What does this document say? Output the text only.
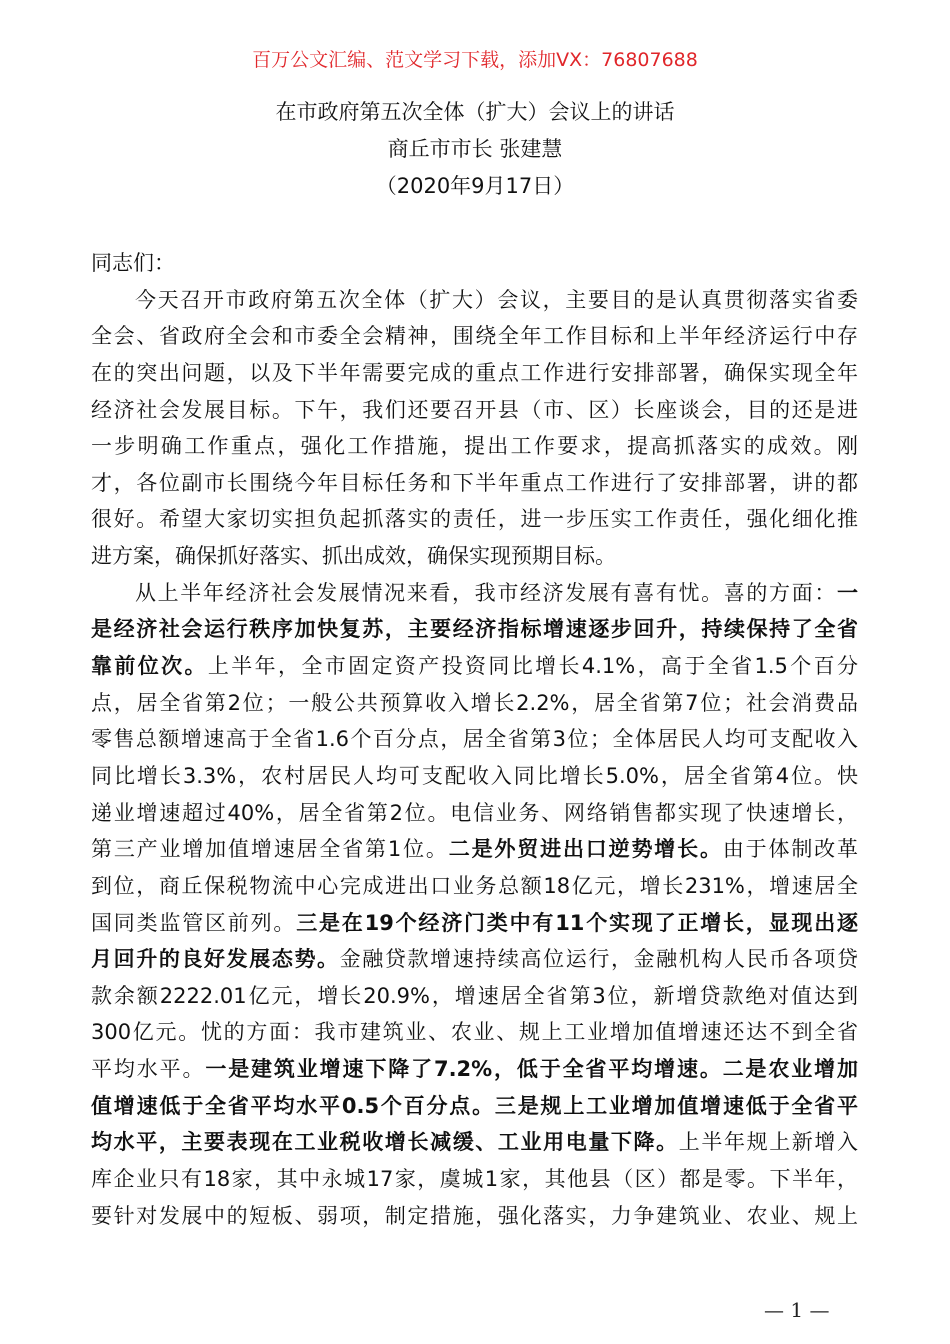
百万公文汇编、范文学习下载，添加VX：76807688
在市政府第五次全体（扩大）会议上的讲话
商丘市市长 张建慧
（2020年9月17日）
同志们：
今天召开市政府第五次全体（扩大）会议，主要目的是认真贯彻落实省委
全会、省政府全会和市委全会精神，围绕全年工作目标和上半年经济运行中存
在的突出问题，以及下半年需要完成的重点工作进行安排部署，确保实现全年
经济社会发展目标。下午，我们还要召开县（市、区）长座谈会，目的还是进
一步明确工作重点，强化工作措施，提出工作要求，提高抓落实的成效。刚
才，各位副市长围绕今年目标任务和下半年重点工作进行了安排部署，讲的都
很好。希望大家切实担负起抓落实的责任，进一步压实工作责任，强化细化推
进方案，确保抓好落实、抓出成效，确保实现预期目标。
从上半年经济社会发展情况来看，我市经济发展有喜有忧。喜的方面：一
是经济社会运行秩序加快复苏，主要经济指标增速逐步回升，持续保持了全省
靠前位次。上半年，全市固定资产投资同比增长4.1%，高于全省1.5个百分
点，居全省第2位；一般公共预算收入增长2.2%，居全省第7位；社会消费品
零售总额增速高于全省1.6个百分点，居全省第3位；全体居民人均可支配收入
同比增长3.3%，农村居民人均可支配收入同比增长5.0%，居全省第4位。快
递业增速超过40%，居全省第2位。电信业务、网络销售都实现了快速增长，
第三产业增加值增速居全省第1位。二是外贸进出口逆势增长。由于体制改革
到位，商丘保税物流中心完成进出口业务总额18亿元，增长231%，增速居全
国同类监管区前列。三是在19个经济门类中有11个实现了正增长，显现出逐
月回升的良好发展态势。金融贷款增速持续高位运行，金融机构人民币各项贷
款余额2222.01亿元，增长20.9%，增速居全省第3位，新增贷款绝对值达到
300亿元。忧的方面：我市建筑业、农业、规上工业增加值增速还达不到全省
平均水平。一是建筑业增速下降了7.2%，低于全省平均增速。二是农业增加
值增速低于全省平均水平0.5个百分点。三是规上工业增加值增速低于全省平
均水平，主要表现在工业税收增长减缓、工业用电量下降。上半年规上新增入
库企业只有18家，其中永城17家，虞城1家，其他县（区）都是零。下半年，
要针对发展中的短板、弱项，制定措施，强化落实，力争建筑业、农业、规上
— 1 —
